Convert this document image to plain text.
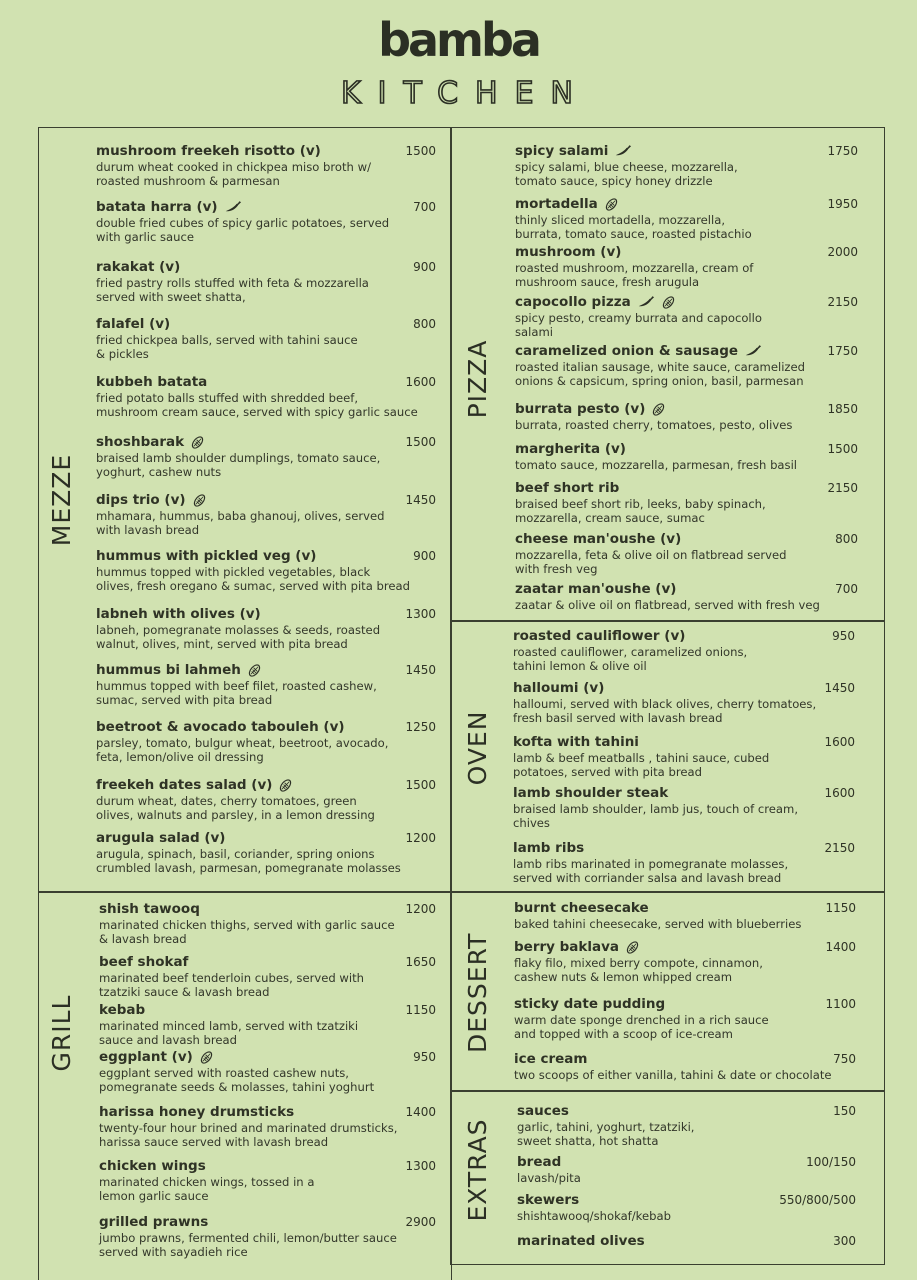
bamba
KITCHEN
MEZZE
GRILL
PIZZA
OVEN
DESSERT
EXTRAS
mushroom freekeh risotto (v)
durum wheat cooked in chickpea miso broth w/
roasted mushroom & parmesan
1500
batata harra (v)
double fried cubes of spicy garlic potatoes, served
with garlic sauce
700
rakakat (v)
fried pastry rolls stuffed with feta & mozzarella
served with sweet shatta,
900
falafel (v)
fried chickpea balls, served with tahini sauce
& pickles
800
kubbeh batata
fried potato balls stuffed with shredded beef,
mushroom cream sauce, served with spicy garlic sauce
1600
shoshbarak
braised lamb shoulder dumplings, tomato sauce,
yoghurt, cashew nuts
1500
dips trio (v)
mhamara, hummus, baba ghanouj, olives, served
with lavash bread
1450
hummus with pickled veg (v)
hummus topped with pickled vegetables, black
olives, fresh oregano & sumac, served with pita bread
900
labneh with olives (v)
labneh, pomegranate molasses & seeds, roasted
walnut, olives, mint, served with pita bread
1300
hummus bi lahmeh
hummus topped with beef filet, roasted cashew,
sumac, served with pita bread
1450
beetroot & avocado tabouleh (v)
parsley, tomato, bulgur wheat, beetroot, avocado,
feta, lemon/olive oil dressing
1250
freekeh dates salad (v)
durum wheat, dates, cherry tomatoes, green
olives, walnuts and parsley, in a lemon dressing
1500
arugula salad (v)
arugula, spinach, basil, coriander, spring onions
crumbled lavash, parmesan, pomegranate molasses
1200
shish tawooq
marinated chicken thighs, served with garlic sauce
& lavash bread
1200
beef shokaf
marinated beef tenderloin cubes, served with
tzatziki sauce & lavash bread
1650
kebab
marinated minced lamb, served with tzatziki
sauce and lavash bread
1150
eggplant (v)
eggplant served with roasted cashew nuts,
pomegranate seeds & molasses, tahini yoghurt
950
harissa honey drumsticks
twenty-four hour brined and marinated drumsticks,
harissa sauce served with lavash bread
1400
chicken wings
marinated chicken wings, tossed in a
lemon garlic sauce
1300
grilled prawns
jumbo prawns, fermented chili, lemon/butter sauce
served with sayadieh rice
2900
spicy salami
spicy salami, blue cheese, mozzarella,
tomato sauce, spicy honey drizzle
1750
mortadella
thinly sliced mortadella, mozzarella,
burrata, tomato sauce, roasted pistachio
1950
mushroom (v)
roasted mushroom, mozzarella, cream of
mushroom sauce, fresh arugula
2000
capocollo pizza
spicy pesto, creamy burrata and capocollo
salami
2150
caramelized onion & sausage
roasted italian sausage, white sauce, caramelized
onions & capsicum, spring onion, basil, parmesan
1750
burrata pesto (v)
burrata, roasted cherry, tomatoes, pesto, olives
1850
margherita (v)
tomato sauce, mozzarella, parmesan, fresh basil
1500
beef short rib
braised beef short rib, leeks, baby spinach,
mozzarella, cream sauce, sumac
2150
cheese man'oushe (v)
mozzarella, feta & olive oil on flatbread served
with fresh veg
800
zaatar man'oushe (v)
zaatar & olive oil on flatbread, served with fresh veg
700
roasted cauliflower (v)
roasted cauliflower, caramelized onions,
tahini lemon & olive oil
950
halloumi (v)
halloumi, served with black olives, cherry tomatoes,
fresh basil served with lavash bread
1450
kofta with tahini
lamb & beef meatballs , tahini sauce, cubed
potatoes, served with pita bread
1600
lamb shoulder steak
braised lamb shoulder, lamb jus, touch of cream,
chives
1600
lamb ribs
lamb ribs marinated in pomegranate molasses,
served with corriander salsa and lavash bread
2150
burnt cheesecake
baked tahini cheesecake, served with blueberries
1150
berry baklava
flaky filo, mixed berry compote, cinnamon,
cashew nuts & lemon whipped cream
1400
sticky date pudding
warm date sponge drenched in a rich sauce
and topped with a scoop of ice-cream
1100
ice cream
two scoops of either vanilla, tahini & date or chocolate
750
sauces
garlic, tahini, yoghurt, tzatziki,
sweet shatta, hot shatta
150
bread
lavash/pita
100/150
skewers
shishtawooq/shokaf/kebab
550/800/500
marinated olives	300
